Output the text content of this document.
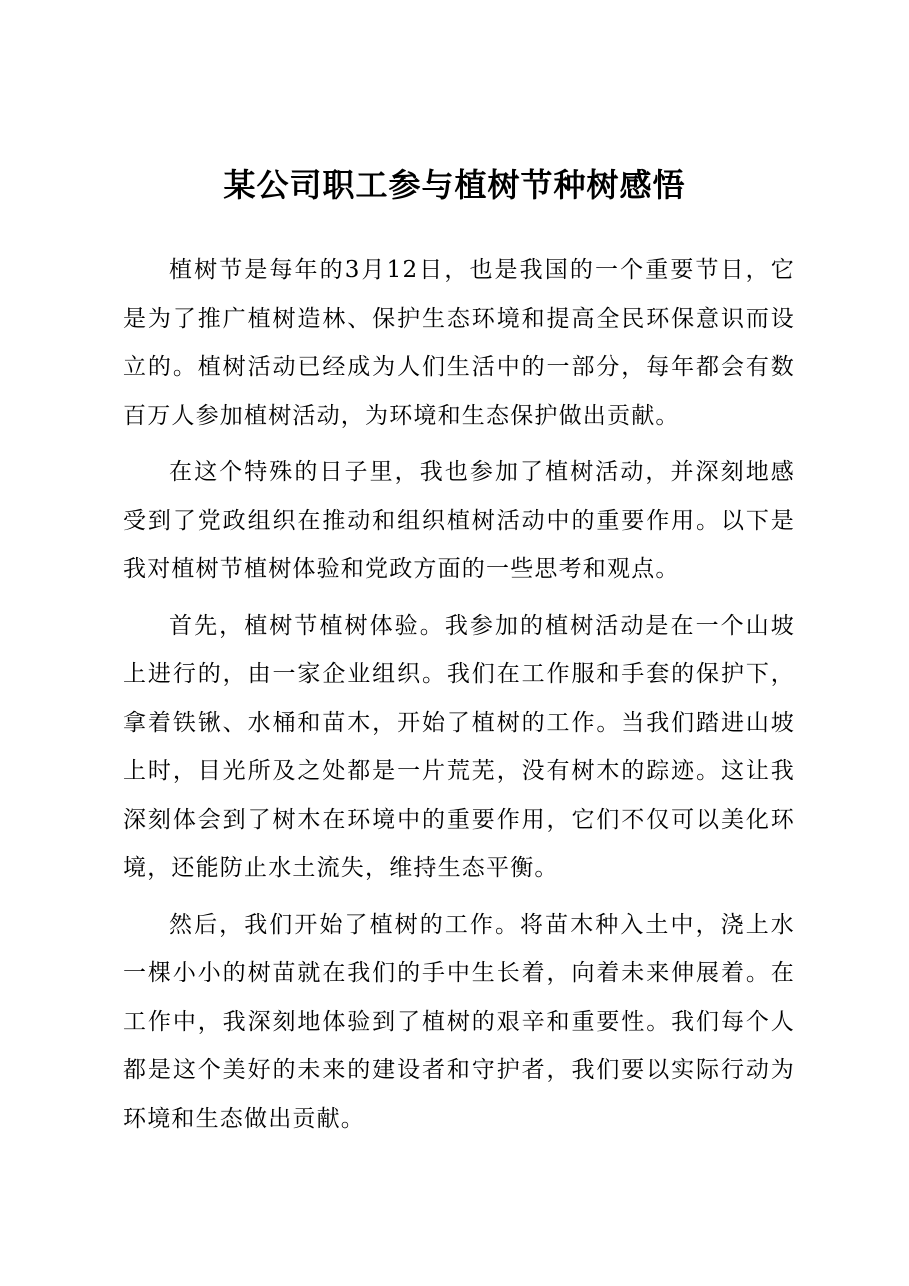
某公司职工参与植树节种树感悟

植树节是每年的3月12日，也是我国的一个重要节日，它是为了推广植树造林、保护生态环境和提高全民环保意识而设立的。植树活动已经成为人们生活中的一部分，每年都会有数百万人参加植树活动，为环境和生态保护做出贡献。

在这个特殊的日子里，我也参加了植树活动，并深刻地感受到了党政组织在推动和组织植树活动中的重要作用。以下是我对植树节植树体验和党政方面的一些思考和观点。

首先，植树节植树体验。我参加的植树活动是在一个山坡上进行的，由一家企业组织。我们在工作服和手套的保护下，拿着铁锹、水桶和苗木，开始了植树的工作。当我们踏进山坡上时，目光所及之处都是一片荒芜，没有树木的踪迹。这让我深刻体会到了树木在环境中的重要作用，它们不仅可以美化环境，还能防止水土流失，维持生态平衡。

然后，我们开始了植树的工作。将苗木种入土中，浇上水一棵小小的树苗就在我们的手中生长着，向着未来伸展着。在工作中，我深刻地体验到了植树的艰辛和重要性。我们每个人都是这个美好的未来的建设者和守护者，我们要以实际行动为环境和生态做出贡献。
